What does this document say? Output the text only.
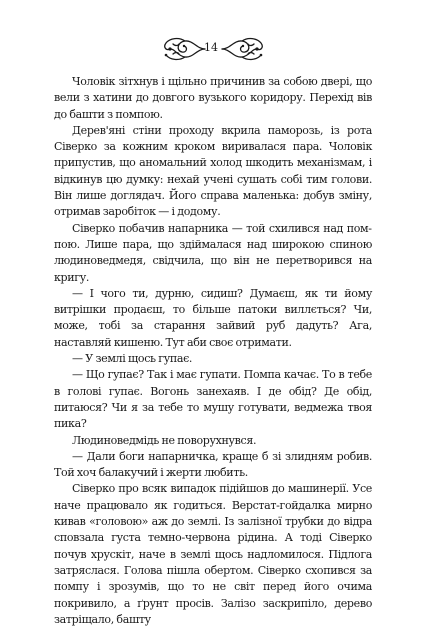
14

Чоловік зітхнув і щільно причинив за собою двері, що вели з хатини до довгого вузького коридору. Перехід вів до башти з помпою.

Дерев'яні стіни проходу вкрила паморозь, із рота Сіверко за кожним кроком виривалася пара. Чоловік припустив, що аномальний холод шкодить механізмам, і відкинув цю думку: нехай учені сушать собі тим голови. Він лише доглядач. Його справа маленька: добув зміну, отримав заробіток — і додому.

Сіверко побачив напарника — той схилився над помпою. Лише пара, що здіймалася над широкою спиною людиноведмедя, свідчила, що він не перетворився на кригу.

— І чого ти, дурню, сидиш? Думаєш, як ти йому витрішки продаєш, то більше патоки виллється? Чи, може, тобі за старання зайвий руб дадуть? Ага, наставляй кишеню. Тут аби своє отримати.

— У землі щось гупає.

— Що гупає? Так і має гупати. Помпа качає. То в тебе в голові гупає. Вогонь занехаяв. І де обід? Де обід, питаюся? Чи я за тебе то мушу готувати, ведмежа твоя пика?

Людиноведмідь не поворухнувся.

— Дали боги напарничка, краще б зі злидням робив. Той хоч балакучий і жерти любить.

Сіверко про всяк випадок підійшов до машинерії. Усе наче працювало як годиться. Верстат-гойдалка мирно кивав «головою» аж до землі. Із залізної трубки до відра сповзала густа темно-червона рідина. А тоді Сіверко почув хрускіт, наче в землі щось надломилося. Підлога затряслася. Голова пішла обертом. Сіверко схопився за помпу і зрозумів, що то не світ перед його очима покривило, а ґрунт просів. Залізо заскрипіло, дерево затріщало, башту
